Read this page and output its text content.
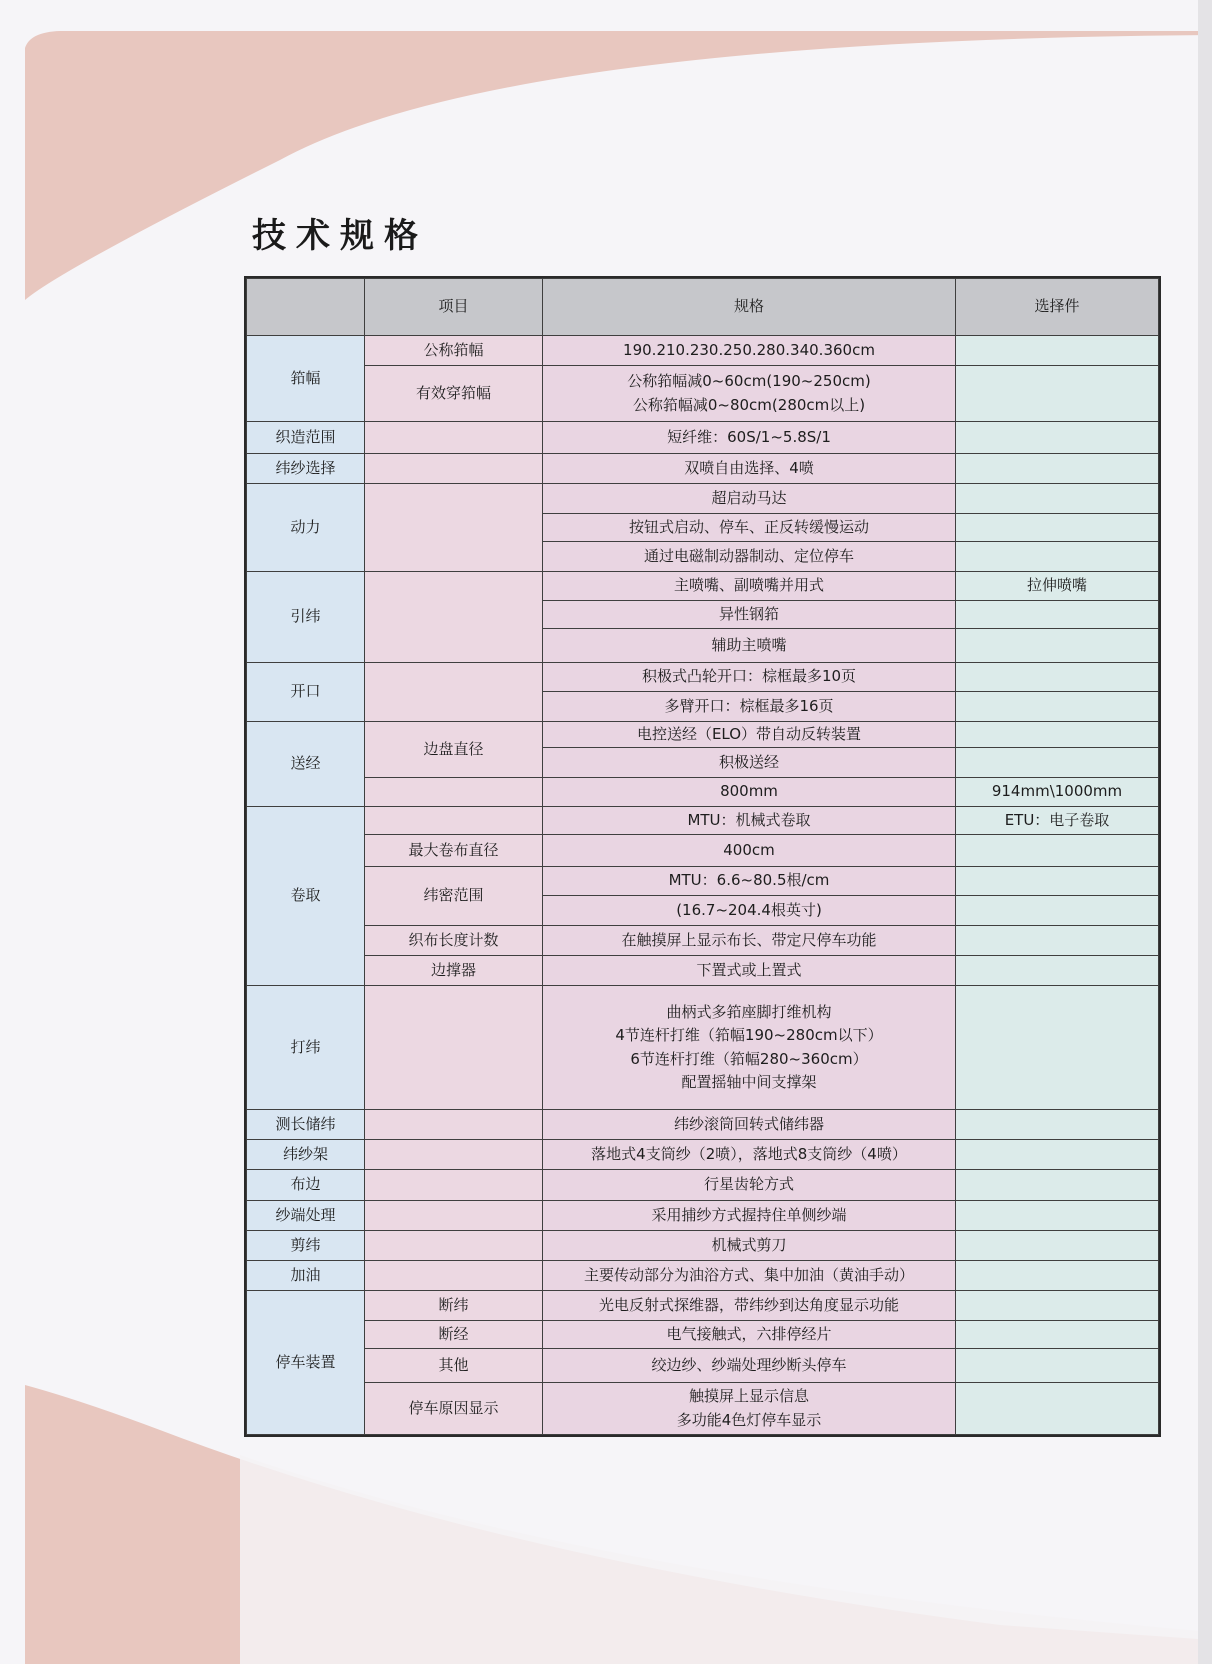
技术规格
	项目	规格	选择件
筘幅	公称筘幅	190.210.230.250.280.340.360cm	
	有效穿筘幅	公称筘幅减0~60cm(190~250cm)
公称筘幅减0~80cm(280cm以上)	

织造范围		短纤维：60S/1~5.8S/1	
纬纱选择		双喷自由选择、4喷	
动力		超启动马达	
		按钮式启动、停车、正反转缓慢运动	
		通过电磁制动器制动、定位停车	
引纬		主喷嘴、副喷嘴并用式	拉伸喷嘴
		异性钢筘	
		辅助主喷嘴	
开口		积极式凸轮开口：棕框最多10页	
		多臂开口：棕框最多16页	
送经	边盘直径	电控送经（ELO）带自动反转装置	
		积极送经	
		800mm	914mm\1000mm
卷取		MTU：机械式卷取	ETU：电子卷取
	最大卷布直径	400cm	
	纬密范围	MTU：6.6~80.5根/cm	
		(16.7~204.4根英寸)	
	织布长度计数	在触摸屏上显示布长、带定尺停车功能	
	边撑器	下置式或上置式	
打纬		曲柄式多筘座脚打维机构
4节连杆打维（筘幅190~280cm以下）
6节连杆打维（筘幅280~360cm）
配置摇轴中间支撑架	

测长储纬		纬纱滚筒回转式储纬器	
纬纱架		落地式4支筒纱（2喷），落地式8支筒纱（4喷）	
布边		行星齿轮方式	
纱端处理		采用捕纱方式握持住单侧纱端	
剪纬		机械式剪刀	
加油		主要传动部分为油浴方式、集中加油（黄油手动）	
停车装置	断纬	光电反射式探维器，带纬纱到达角度显示功能	
	断经	电气接触式，六排停经片	
	其他	绞边纱、纱端处理纱断头停车	
	停车原因显示	触摸屏上显示信息
多功能4色灯停车显示	
